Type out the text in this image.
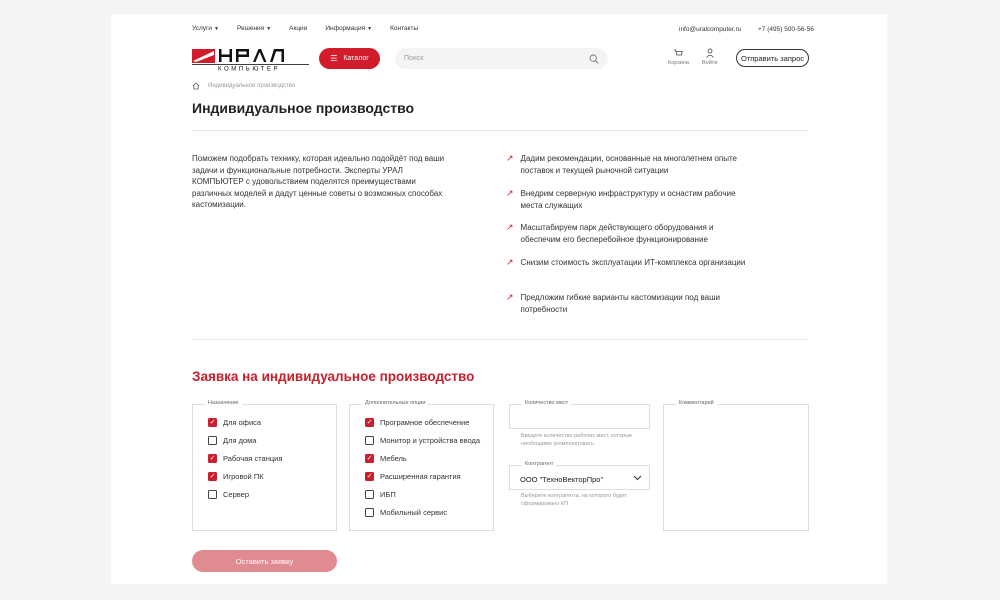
Услуги ▼	Решения ▼	Акции	Информация ▼	Контакты	info@uralcomputer.ru	+7 (495) 500-56-56
КОМПЬЮТЕР
☰ Каталог	Поиск
Корзина Войти
Отправить запрос
Индивидуальное производство
Индивидуальное производство

Поможем подобрать технику, которая идеально подойдёт под ваши задачи и функциональные потребности. Эксперты УРАЛ КОМПЬЮТЕР с удовольствием поделятся преимуществами различных моделей и дадут ценные советы о возможных способах кастомизации.

↗ Дадим рекомендации, основанные на многолетнем опыте поставок и текущей рыночной ситуации
↗ Внедрим серверную инфраструктуру и оснастим рабочие места служащих
↗ Масштабируем парк действующего оборудования и обеспечим его бесперебойное функционирование
↗ Снизим стоимость эксплуатации ИТ-комплекса организации
↗ Предложим гибкие варианты кастомизации под ваши потребности
Заявка на индивидуальное производство
Назначение
✓ Для офиса
Для дома
✓ Рабочая станция
✓ Игровой ПК
Сервер
Дополнительные опции
✓ Програмное обеспечение
Монитор и устройства ввода
✓ Мебель
✓ Расширенная гарантия
ИБП
Мобильный сервис
Количество мест

Введите количество рабочих мест, которые необходимо укомплектовать

Контрагент
ООО "ТехноВекторПро"

Выберите контрагента, на которого будет сформировано КП

Комментарий
Оставить заявку
